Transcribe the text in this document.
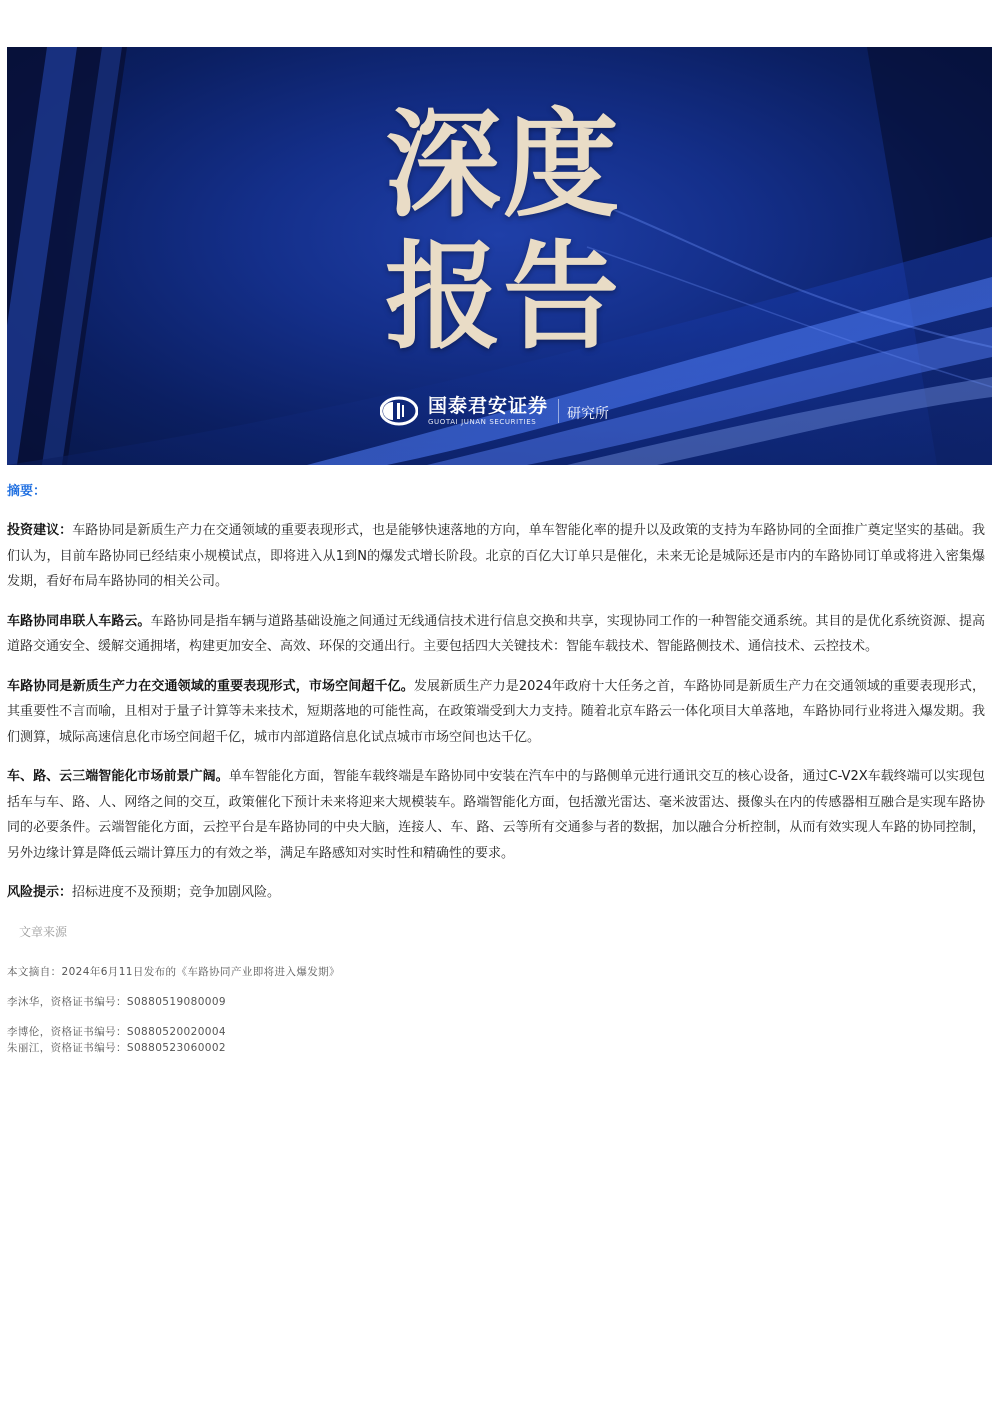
深度
报告
国泰君安证券
GUOTAI JUNAN SECURITIES	研究所
摘要：

投资建议：车路协同是新质生产力在交通领域的重要表现形式，也是能够快速落地的方向，单车智能化率的提升以及政策的支持为车路协同的全面推广奠定坚实的基础。我们认为，目前车路协同已经结束小规模试点，即将进入从1到N的爆发式增长阶段。北京的百亿大订单只是催化，未来无论是城际还是市内的车路协同订单或将进入密集爆发期，看好布局车路协同的相关公司。

车路协同串联人车路云。车路协同是指车辆与道路基础设施之间通过无线通信技术进行信息交换和共享，实现协同工作的一种智能交通系统。其目的是优化系统资源、提高道路交通安全、缓解交通拥堵，构建更加安全、高效、环保的交通出行。主要包括四大关键技术：智能车载技术、智能路侧技术、通信技术、云控技术。

车路协同是新质生产力在交通领域的重要表现形式，市场空间超千亿。发展新质生产力是2024年政府十大任务之首，车路协同是新质生产力在交通领域的重要表现形式，其重要性不言而喻，且相对于量子计算等未来技术，短期落地的可能性高，在政策端受到大力支持。随着北京车路云一体化项目大单落地，车路协同行业将进入爆发期。我们测算，城际高速信息化市场空间超千亿，城市内部道路信息化试点城市市场空间也达千亿。

车、路、云三端智能化市场前景广阔。单车智能化方面，智能车载终端是车路协同中安装在汽车中的与路侧单元进行通讯交互的核心设备，通过C-V2X车载终端可以实现包括车与车、路、人、网络之间的交互，政策催化下预计未来将迎来大规模装车。路端智能化方面，包括激光雷达、毫米波雷达、摄像头在内的传感器相互融合是实现车路协同的必要条件。云端智能化方面，云控平台是车路协同的中央大脑，连接人、车、路、云等所有交通参与者的数据，加以融合分析控制，从而有效实现人车路的协同控制，另外边缘计算是降低云端计算压力的有效之举，满足车路感知对实时性和精确性的要求。

风险提示：招标进度不及预期；竞争加剧风险。

文章来源
本文摘自：2024年6月11日发布的《车路协同产业即将进入爆发期》
李沐华，资格证书编号：S0880519080009
李博伦，资格证书编号：S0880520020004
朱丽江，资格证书编号：S0880523060002
